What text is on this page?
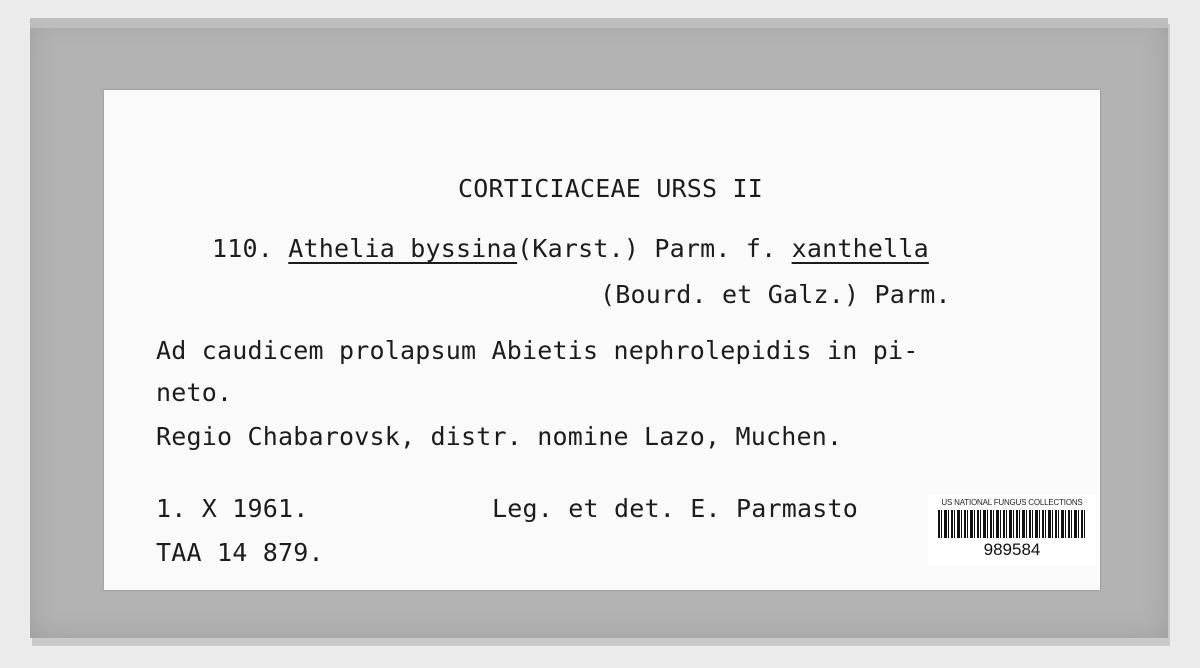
CORTICIACEAE URSS II
110. Athelia byssina(Karst.) Parm. f. xanthella
(Bourd. et Galz.) Parm.
Ad caudicem prolapsum Abietis nephrolepidis in pi-
neto.
Regio Chabarovsk, distr. nomine Lazo, Muchen.
1. X 1961.	Leg. et det. E. Parmasto
TAA 14 879.
US NATIONAL FUNGUS COLLECTIONS
989584
